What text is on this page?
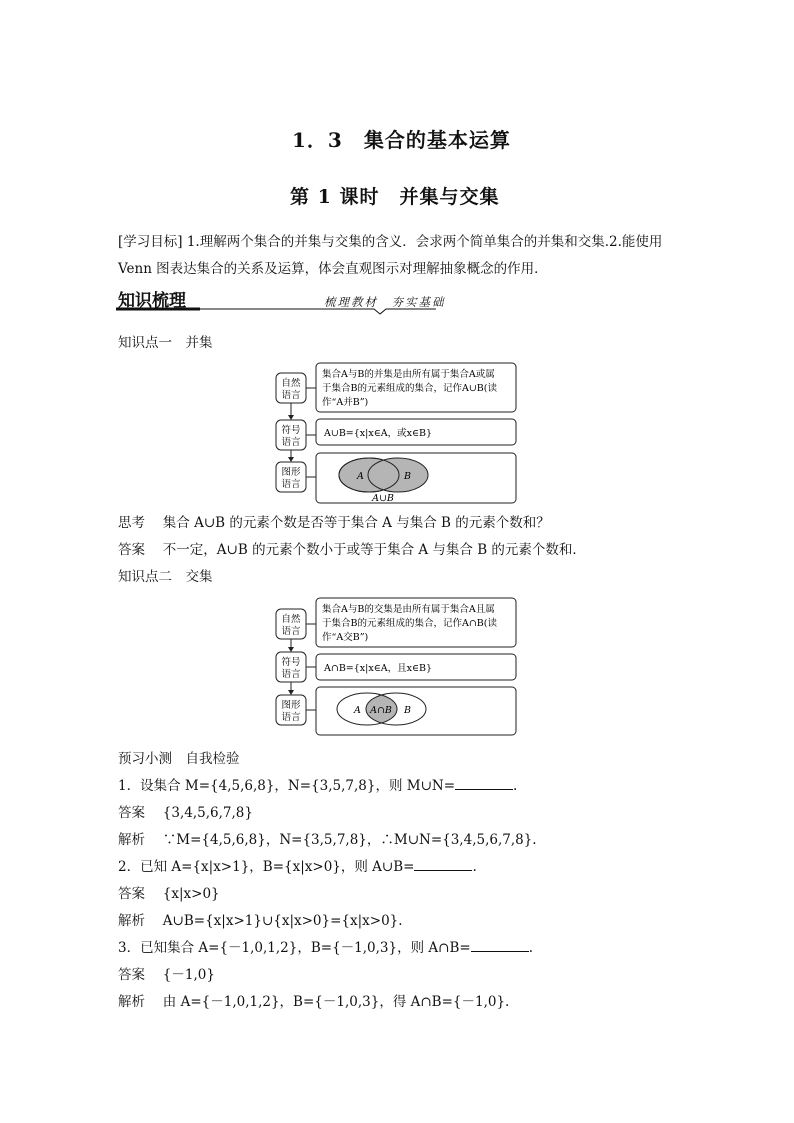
1．3　集合的基本运算
第 1 课时　并集与交集
[学习目标] 1.理解两个集合的并集与交集的含义．会求两个简单集合的并集和交集.2.能使用
Venn 图表达集合的关系及运算，体会直观图示对理解抽象概念的作用．
知识梳理	梳理教材　夯实基础
知识点一　并集
自然
语言
符号
语言
图形
语言
集合A与B的并集是由所有属于集合A或属
于集合B的元素组成的集合，记作A∪B(读
作“A并B”)
A∪B={x|x∈A，或x∈B}
A	B
A∪B
思考　 集合 A∪B 的元素个数是否等于集合 A 与集合 B 的元素个数和？
答案　 不一定，A∪B 的元素个数小于或等于集合 A 与集合 B 的元素个数和．
知识点二　交集
自然
语言
符号
语言
图形
语言
集合A与B的交集是由所有属于集合A且属
于集合B的元素组成的集合，记作A∩B(读
作“A交B”)
A∩B={x|x∈A，且x∈B}
A A∩B B
预习小测　自我检验
1．设集合 M={4,5,6,8}，N={3,5,7,8}，则 M∪N=	.
答案　 {3,4,5,6,7,8}
解析　 ∵M={4,5,6,8}，N={3,5,7,8}，∴M∪N={3,4,5,6,7,8}.
2．已知 A={x|x>1}，B={x|x>0}，则 A∪B=	.
答案　 {x|x>0}
解析　 A∪B={x|x>1}∪{x|x>0}={x|x>0}.
3．已知集合 A={－1,0,1,2}，B={－1,0,3}，则 A∩B=	.
答案　 {－1,0}
解析　 由 A={－1,0,1,2}，B={－1,0,3}，得 A∩B={－1,0}.
